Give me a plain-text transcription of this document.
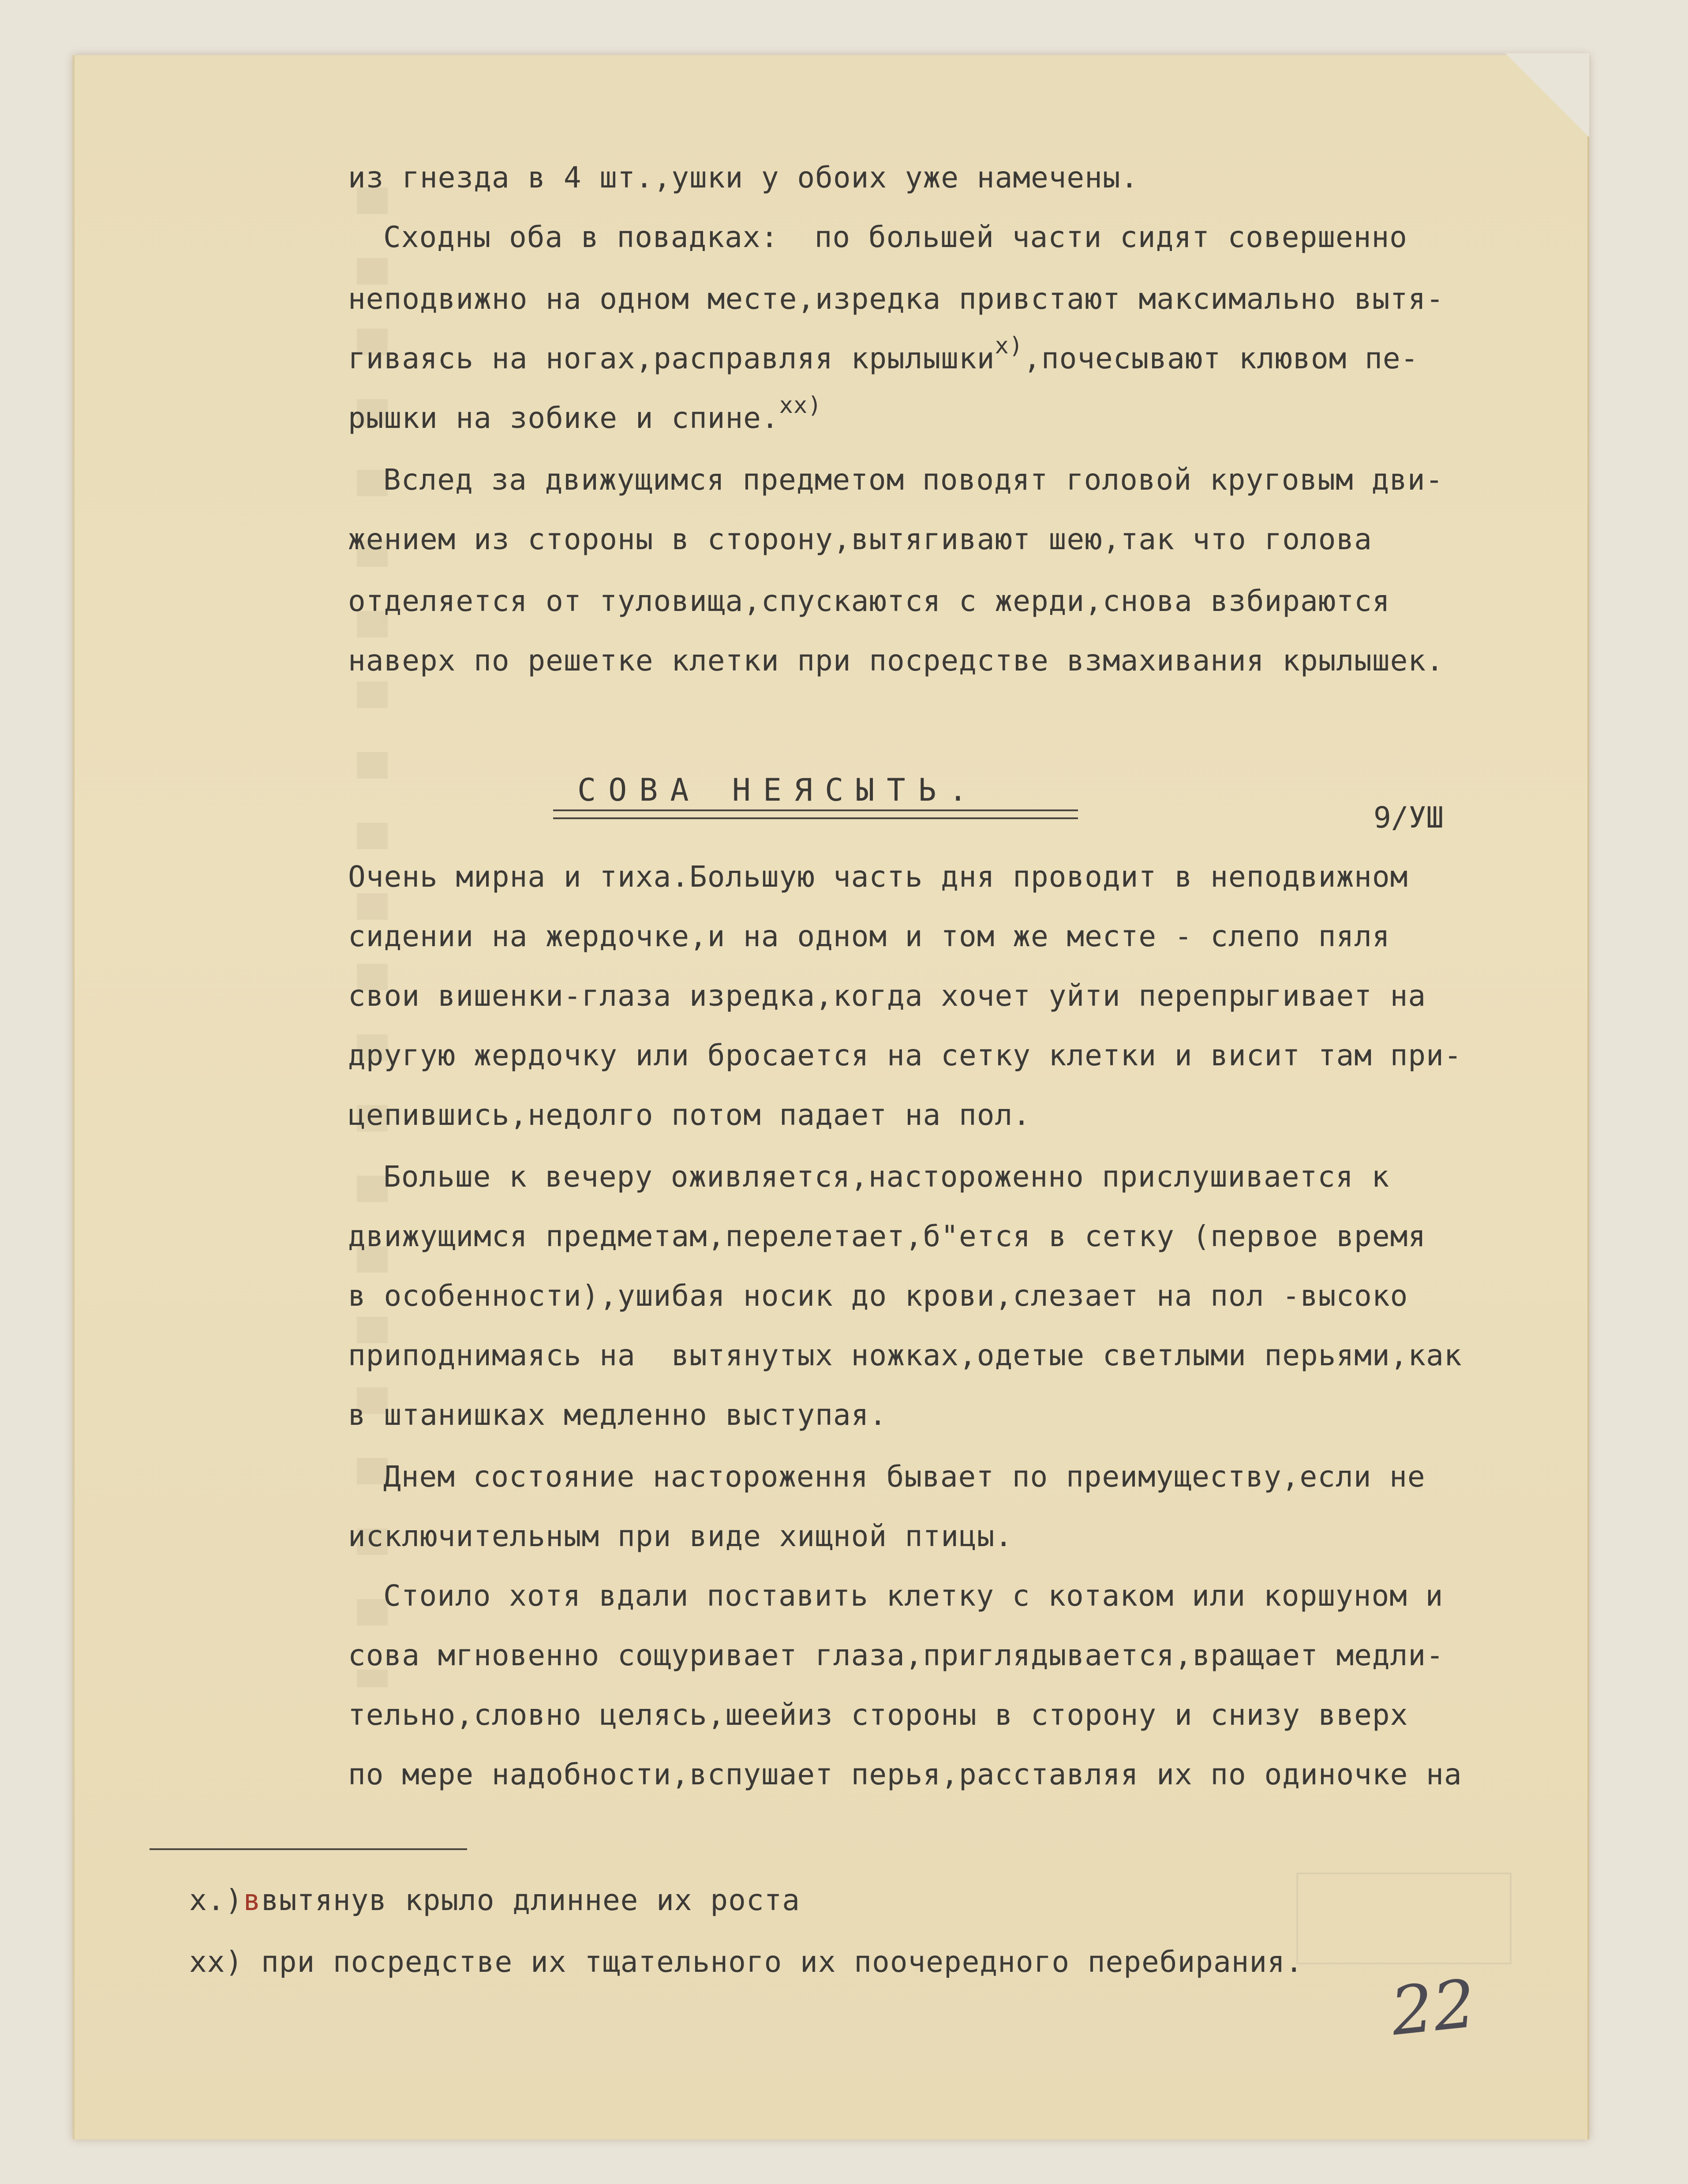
из гнезда в 4 шт.,ушки у обоих уже намечены.
Сходны оба в повадках:  по большей части сидят совершенно
неподвижно на одном месте,изредка привстают максимально вытя-
гиваясь на ногах,расправляя крылышки$^{х)}$,почесывают клювом пе-
рышки на зобике и спине.$^{хх)}$
Вслед за движущимся предметом поводят головой круговым дви-
жением из стороны в сторону,вытягивают шею,так что голова
отделяется от туловища,спускаются с жерди,снова взбираются
наверх по решетке клетки при посредстве взмахивания крылышек.
СОВА НЕЯСЫТЬ.
9/УШ
Очень мирна и тиха.Большую часть дня проводит в неподвижном
сидении на жердочке,и на одном и том же месте - слепо пяля
свои вишенки-глаза изредка,когда хочет уйти перепрыгивает на
другую жердочку или бросается на сетку клетки и висит там при-
цепившись,недолго потом падает на пол.
Больше к вечеру оживляется,настороженно прислушивается к
движущимся предметам,перелетает,б"ется в сетку (первое время
в особенности),ушибая носик до крови,слезает на пол -высоко
приподнимаясь на  вытянутых ножках,одетые светлыми перьями,как
в штанишках медленно выступая.
Днем состояние настороження бывает по преимуществу,если не
исключительным при виде хищной птицы.
Стоило хотя вдали поставить клетку с котаком или коршуном и
сова мгновенно сощуривает глаза,приглядывается,вращает медли-
тельно,словно целясь,шеейиз стороны в сторону и снизу вверх
по мере надобности,вспушает перья,расставляя их по одиночке на
х.)ввытянув крыло длиннее их роста
хх) при посредстве их тщательного их поочередного перебирания.
22
